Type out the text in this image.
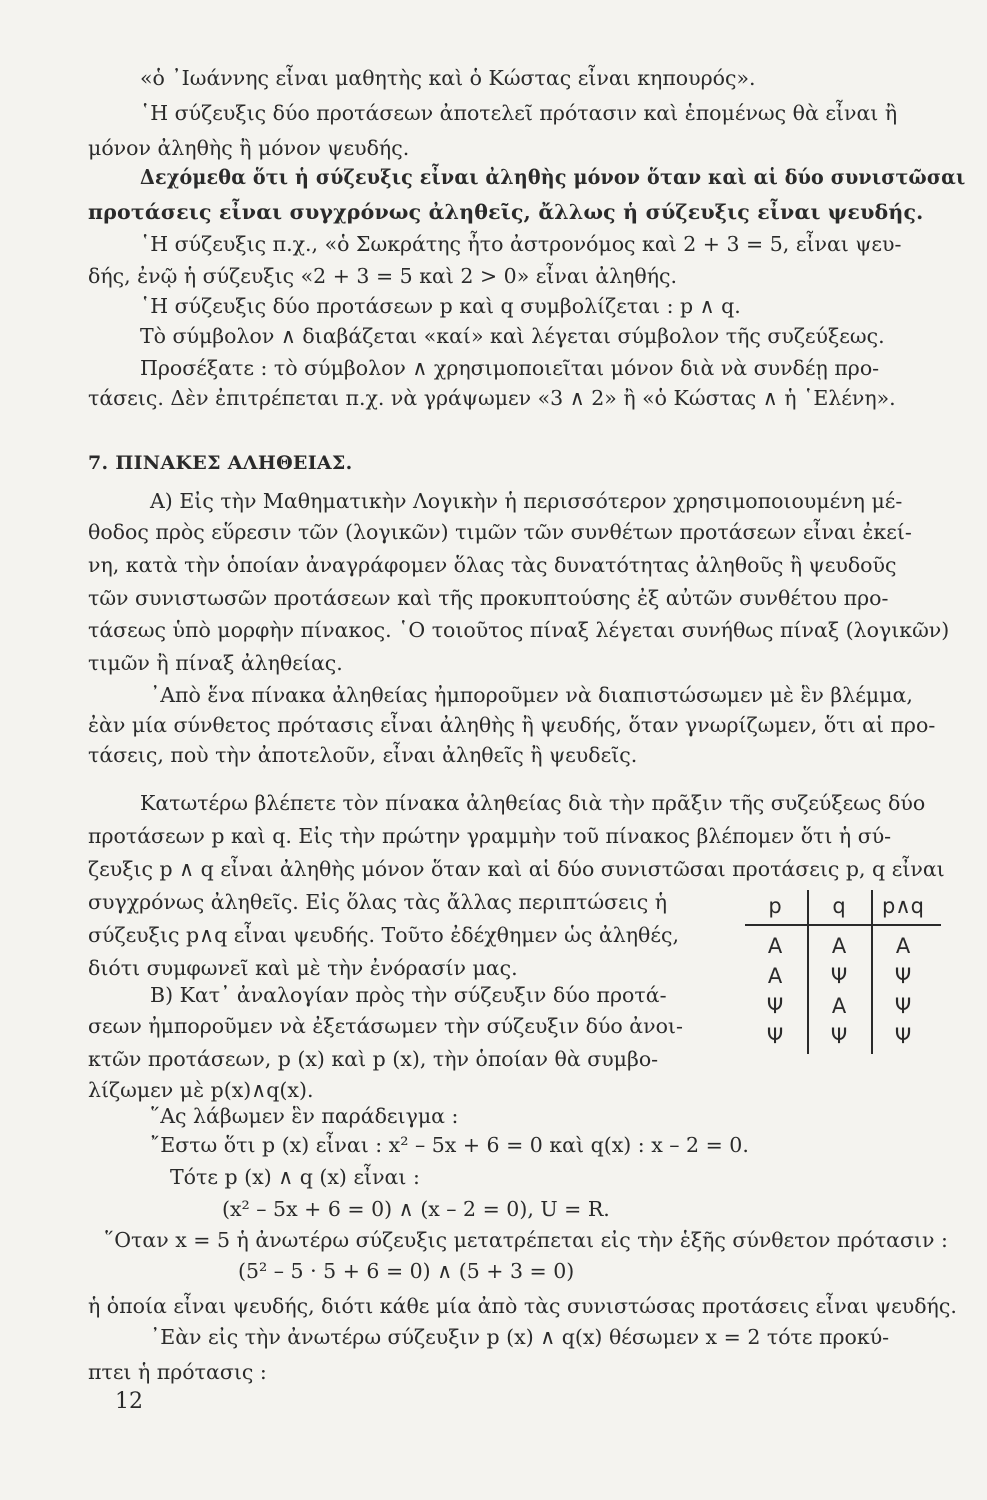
«ὁ ᾿Ιωάννης εἶναι μαθητὴς καὶ ὁ Κώστας εἶναι κηπουρός».
῾Η σύζευξις δύο προτάσεων ἀποτελεῖ πρότασιν καὶ ἑπομένως θὰ εἶναι ἢ
μόνον ἀληθὴς ἢ μόνον ψευδής.
Δεχόμεθα ὅτι ἡ σύζευξις εἶναι ἀληθὴς μόνον ὅταν καὶ αἱ δύο συνιστῶσαι
προτάσεις εἶναι συγχρόνως ἀληθεῖς, ἄλλως ἡ σύζευξις εἶναι ψευδής.
῾Η σύζευξις π.χ., «ὁ Σωκράτης ἦτο ἀστρονόμος καὶ 2 + 3 = 5, εἶναι ψευ-
δής, ἐνῷ ἡ σύζευξις «2 + 3 = 5 καὶ 2 > 0» εἶναι ἀληθής.
῾Η σύζευξις δύο προτάσεων p καὶ q συμβολίζεται : p ∧ q.
Τὸ σύμβολον ∧ διαβάζεται «καί» καὶ λέγεται σύμβολον τῆς συζεύξεως.
Προσέξατε : τὸ σύμβολον ∧ χρησιμοποιεῖται μόνον διὰ νὰ συνδέῃ προ-
τάσεις. Δὲν ἐπιτρέπεται π.χ. νὰ γράψωμεν «3 ∧ 2» ἢ «ὁ Κώστας ∧ ἡ ῾Ελένη».
7. ΠΙΝΑΚΕΣ ΑΛΗΘΕΙΑΣ.
Α) Εἰς τὴν Μαθηματικὴν Λογικὴν ἡ περισσότερον χρησιμοποιουμένη μέ-
θοδος πρὸς εὕρεσιν τῶν (λογικῶν) τιμῶν τῶν συνθέτων προτάσεων εἶναι ἐκεί-
νη, κατὰ τὴν ὁποίαν ἀναγράφομεν ὅλας τὰς δυνατότητας ἀληθοῦς ἢ ψευδοῦς
τῶν συνιστωσῶν προτάσεων καὶ τῆς προκυπτούσης ἐξ αὐτῶν συνθέτου προ-
τάσεως ὑπὸ μορφὴν πίνακος. ῾Ο τοιοῦτος πίναξ λέγεται συνήθως πίναξ (λογικῶν)
τιμῶν ἢ πίναξ ἀληθείας.
᾿Απὸ ἕνα πίνακα ἀληθείας ἠμποροῦμεν νὰ διαπιστώσωμεν μὲ ἓν βλέμμα,
ἐὰν μία σύνθετος πρότασις εἶναι ἀληθὴς ἢ ψευδής, ὅταν γνωρίζωμεν, ὅτι αἱ προ-
τάσεις, ποὺ τὴν ἀποτελοῦν, εἶναι ἀληθεῖς ἢ ψευδεῖς.
Κατωτέρω βλέπετε τὸν πίνακα ἀληθείας διὰ τὴν πρᾶξιν τῆς συζεύξεως δύο
προτάσεων p καὶ q. Εἰς τὴν πρώτην γραμμὴν τοῦ πίνακος βλέπομεν ὅτι ἡ σύ-
ζευξις p ∧ q εἶναι ἀληθὴς μόνον ὅταν καὶ αἱ δύο συνιστῶσαι προτάσεις p, q εἶναι
συγχρόνως ἀληθεῖς. Εἰς ὅλας τὰς ἄλλας περιπτώσεις ἡ
σύζευξις p∧q εἶναι ψευδής. Τοῦτο ἐδέχθημεν ὡς ἀληθές,
διότι συμφωνεῖ καὶ μὲ τὴν ἐνόρασίν μας.
Β) Κατ᾿ ἀναλογίαν πρὸς τὴν σύζευξιν δύο προτά-
σεων ἠμποροῦμεν νὰ ἐξετάσωμεν τὴν σύζευξιν δύο ἀνοι-
κτῶν προτάσεων, p (x) καὶ p (x), τὴν ὁποίαν θὰ συμβο-
λίζωμεν μὲ p(x)∧q(x).
῞Ας λάβωμεν ἓν παράδειγμα :
῎Εστω ὅτι p (x) εἶναι : x² – 5x + 6 = 0 καὶ q(x) : x – 2 = 0.
Τότε p (x) ∧ q (x) εἶναι :
(x² – 5x + 6 = 0) ∧ (x – 2 = 0), U = R.
῞Οταν x = 5 ἡ ἀνωτέρω σύζευξις μετατρέπεται εἰς τὴν ἑξῆς σύνθετον πρότασιν :
(5² – 5 · 5 + 6 = 0) ∧ (5 + 3 = 0)
ἡ ὁποία εἶναι ψευδής, διότι κάθε μία ἀπὸ τὰς συνιστώσας προτάσεις εἶναι ψευδής.
᾿Εὰν εἰς τὴν ἀνωτέρω σύζευξιν p (x) ∧ q(x) θέσωμεν x = 2 τότε προκύ-
πτει ἡ πρότασις :
p	q	p∧q
Α	Α	Α
Α	Ψ	Ψ
Ψ	Α	Ψ
Ψ	Ψ	Ψ
12
